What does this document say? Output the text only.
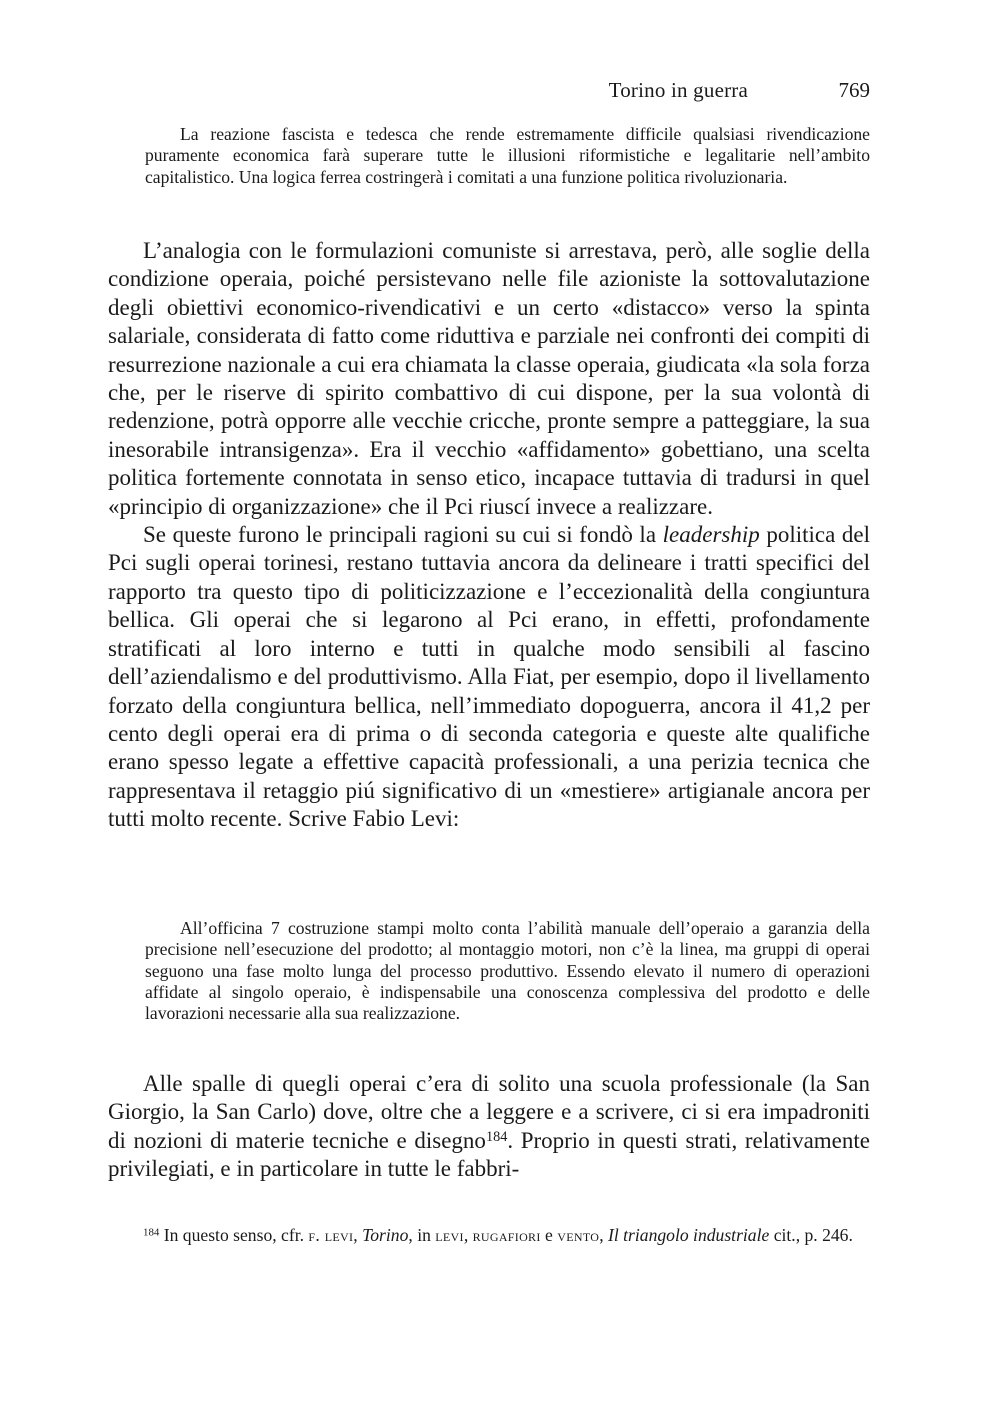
Torino in guerra	769

La reazione fascista e tedesca che rende estremamente difficile qualsiasi rivendicazione puramente economica farà superare tutte le illusioni riformistiche e legalitarie nell’ambito capitalistico. Una logica ferrea costringerà i comitati a una funzione politica rivoluzionaria.

L’analogia con le formulazioni comuniste si arrestava, però, alle soglie della condizione operaia, poiché persistevano nelle file azioniste la sottovalutazione degli obiettivi economico-rivendicativi e un certo «distacco» verso la spinta salariale, considerata di fatto come riduttiva e parziale nei confronti dei compiti di resurrezione nazionale a cui era chiamata la classe operaia, giudicata «la sola forza che, per le riserve di spirito combattivo di cui dispone, per la sua volontà di redenzione, potrà opporre alle vecchie cricche, pronte sempre a patteggiare, la sua inesorabile intransigenza». Era il vecchio «affidamento» gobettiano, una scelta politica fortemente connotata in senso etico, incapace tuttavia di tradursi in quel «principio di organizzazione» che il Pci riuscí invece a realizzare.

Se queste furono le principali ragioni su cui si fondò la leadership politica del Pci sugli operai torinesi, restano tuttavia ancora da delineare i tratti specifici del rapporto tra questo tipo di politicizzazione e l’eccezionalità della congiuntura bellica. Gli operai che si legarono al Pci erano, in effetti, profondamente stratificati al loro interno e tutti in qualche modo sensibili al fascino dell’aziendalismo e del produttivismo. Alla Fiat, per esempio, dopo il livellamento forzato della congiuntura bellica, nell’immediato dopoguerra, ancora il 41,2 per cento degli operai era di prima o di seconda categoria e queste alte qualifiche erano spesso legate a effettive capacità professionali, a una perizia tecnica che rappresentava il retaggio piú significativo di un «mestiere» artigianale ancora per tutti molto recente. Scrive Fabio Levi:

All’officina 7 costruzione stampi molto conta l’abilità manuale dell’operaio a garanzia della precisione nell’esecuzione del prodotto; al montaggio motori, non c’è la linea, ma gruppi di operai seguono una fase molto lunga del processo produttivo. Essendo elevato il numero di operazioni affidate al singolo operaio, è indispensabile una conoscenza complessiva del prodotto e delle lavorazioni necessarie alla sua realizzazione.

Alle spalle di quegli operai c’era di solito una scuola professionale (la San Giorgio, la San Carlo) dove, oltre che a leggere e a scrivere, ci si era impadroniti di nozioni di materie tecniche e disegno$^{184}$. Proprio in questi strati, relativamente privilegiati, e in particolare in tutte le fabbri-

$^{184}$ In questo senso, cfr. f. levi, Torino, in levi, rugafiori e vento, Il triangolo industriale cit., p. 246.
